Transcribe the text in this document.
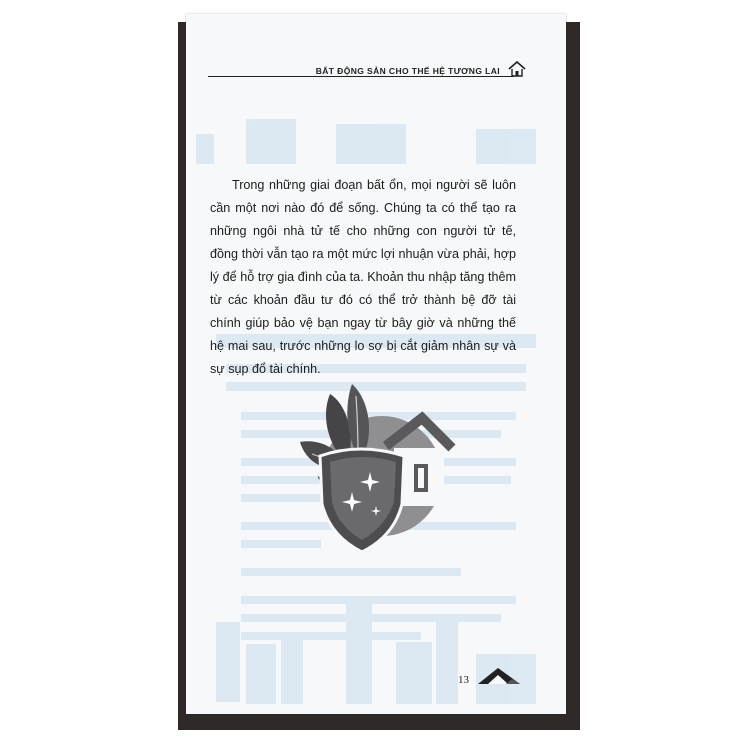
BẤT ĐỘNG SẢN CHO THẾ HỆ TƯƠNG LAI

Trong những giai đoạn bất ổn, mọi người sẽ luôn cần một nơi nào đó để sống. Chúng ta có thể tạo ra những ngôi nhà tử tế cho những con người tử tế, đồng thời vẫn tạo ra một mức lợi nhuận vừa phải, hợp lý để hỗ trợ gia đình của ta. Khoản thu nhập tăng thêm từ các khoản đầu tư đó có thể trở thành bệ đỡ tài chính giúp bảo vệ bạn ngay từ bây giờ và những thế hệ mai sau, trước những lo sợ bị cắt giảm nhân sự và sự sụp đổ tài chính.

13
